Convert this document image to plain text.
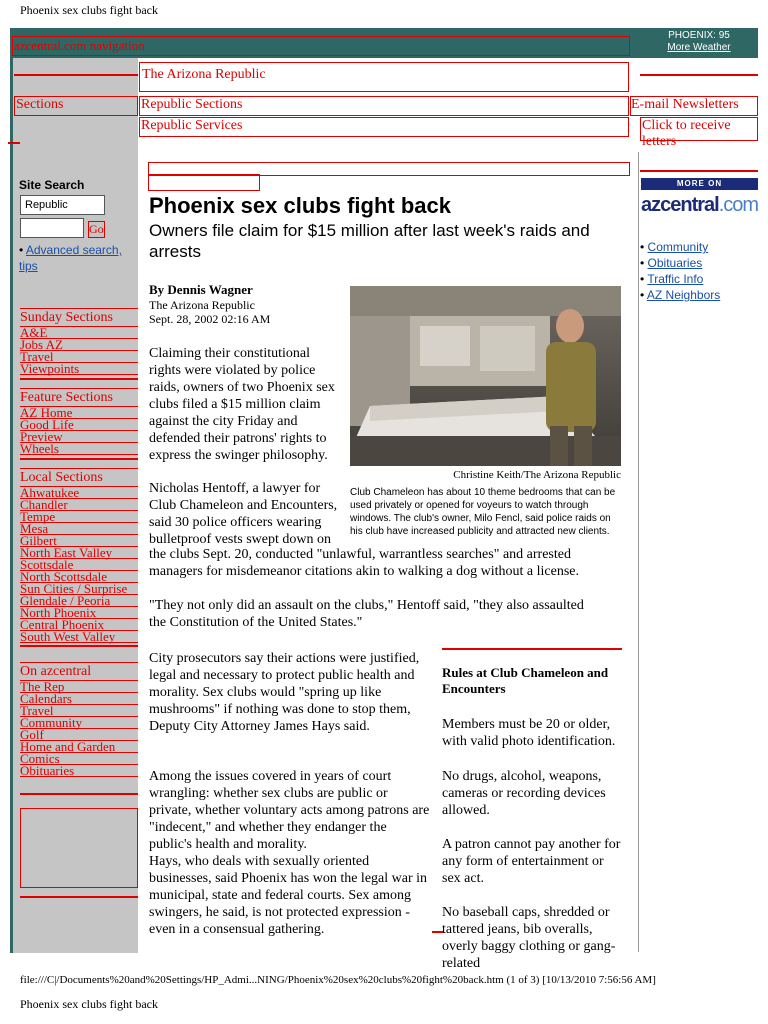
Phoenix sex clubs fight back
azcentral.com navigation
PHOENIX: 95
More Weather
The Arizona Republic
Sections	Republic Sections	E-mail Newsletters
Republic Services	Click to receive
letters
Site Search
Republic
Go
• Advanced search, tips
Sunday Sections
A&E
Jobs AZ
Travel
Viewpoints
Feature Sections
AZ Home
Good Life
Preview
Wheels
Local Sections
Ahwatukee
Chandler
Tempe
Mesa
Gilbert
North East Valley
Scottsdale
North Scottsdale
Sun Cities / Surprise
Glendale / Peoria
North Phoenix
Central Phoenix
South West Valley
On azcentral
The Rep
Calendars
Travel
Community
Golf
Home and Garden
Comics
Obituaries
Phoenix sex clubs fight back
Owners file claim for $15 million after last week's raids and arrests
By Dennis Wagner
The Arizona Republic
Sept. 28, 2002 02:16 AM
Christine Keith/The Arizona Republic
Club Chameleon has about 10 theme bedrooms that can be used privately or opened for voyeurs to watch through windows. The club's owner, Milo Fencl, said police raids on his club have increased publicity and attracted new clients.

Claiming their constitutional rights were violated by police raids, owners of two Phoenix sex clubs filed a $15 million claim against the city Friday and defended their patrons' rights to express the swinger philosophy.

Nicholas Hentoff, a lawyer for Club Chameleon and Encounters, said 30 police officers wearing bulletproof vests swept down on

the clubs Sept. 20, conducted "unlawful, warrantless searches" and arrested managers for misdemeanor citations akin to walking a dog without a license.

"They not only did an assault on the clubs," Hentoff said, "they also assaulted the Constitution of the United States."

City prosecutors say their actions were justified, legal and necessary to protect public health and morality. Sex clubs would "spring up like mushrooms" if nothing was done to stop them, Deputy City Attorney James Hays said.

Among the issues covered in years of court wrangling: whether sex clubs are public or private, whether voluntary acts among patrons are "indecent," and whether they endanger the public's health and morality.

Hays, who deals with sexually oriented businesses, said Phoenix has won the legal war in municipal, state and federal courts. Sex among swingers, he said, is not protected expression - even in a consensual gathering.

Rules at Club Chameleon and Encounters

Members must be 20 or older, with valid photo identification.

No drugs, alcohol, weapons, cameras or recording devices allowed.

A patron cannot pay another for any form of entertainment or sex act.

No baseball caps, shredded or tattered jeans, bib overalls, overly baggy clothing or gang-related

MORE ON
azcentral.com
• Community
• Obituaries
• Traffic Info
• AZ Neighbors
file:///C|/Documents%20and%20Settings/HP_Admi...NING/Phoenix%20sex%20clubs%20fight%20back.htm (1 of 3) [10/13/2010 7:56:56 AM]
Phoenix sex clubs fight back
